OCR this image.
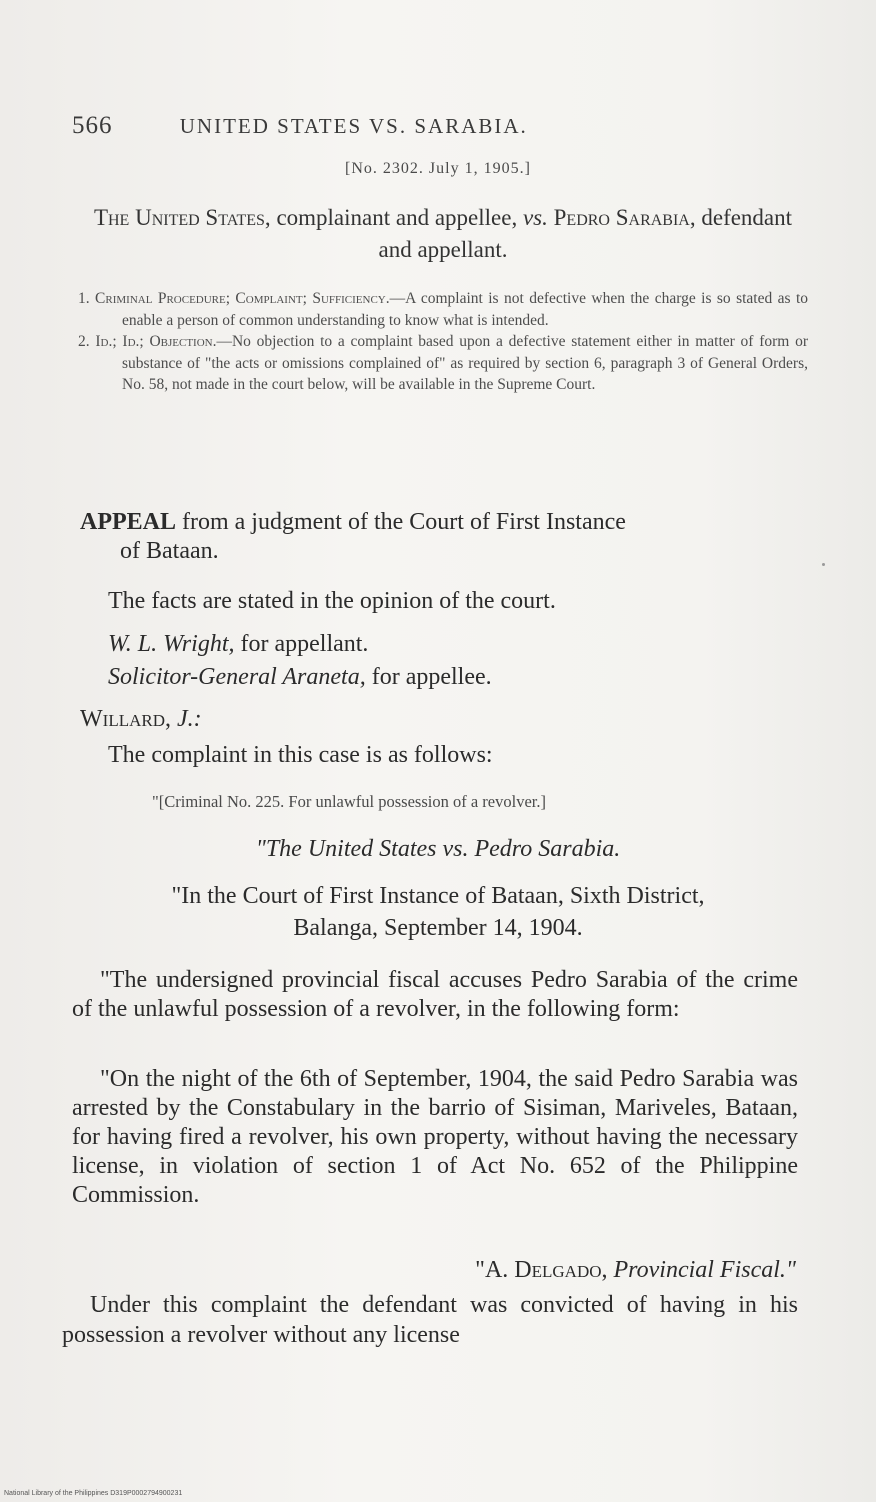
566	UNITED STATES VS. SARABIA.
[No. 2302. July 1, 1905.]
The United States, complainant and appellee, vs. Pedro Sarabia, defendant and appellant.

1. Criminal Procedure; Complaint; Sufficiency.—A complaint is not defective when the charge is so stated as to enable a person of common understanding to know what is intended.

2. Id.; Id.; Objection.—No objection to a complaint based upon a defective statement either in matter of form or substance of "the acts or omissions complained of" as required by section 6, paragraph 3 of General Orders, No. 58, not made in the court below, will be available in the Supreme Court.

APPEAL from a judgment of the Court of First Instance
of Bataan.
The facts are stated in the opinion of the court.
W. L. Wright, for appellant.
Solicitor-General Araneta, for appellee.
Willard, J.:
The complaint in this case is as follows:
"[Criminal No. 225. For unlawful possession of a revolver.]
"The United States vs. Pedro Sarabia.
"In the Court of First Instance of Bataan, Sixth District,
Balanga, September 14, 1904.

"The undersigned provincial fiscal accuses Pedro Sarabia of the crime of the unlawful possession of a revolver, in the following form:

"On the night of the 6th of September, 1904, the said Pedro Sarabia was arrested by the Constabulary in the barrio of Sisiman, Mariveles, Bataan, for having fired a revolver, his own property, without having the necessary license, in violation of section 1 of Act No. 652 of the Philippine Commission.

"A. Delgado, Provincial Fiscal."

Under this complaint the defendant was convicted of having in his possession a revolver without any license

National Library of the Philippines D319P0002794900231
